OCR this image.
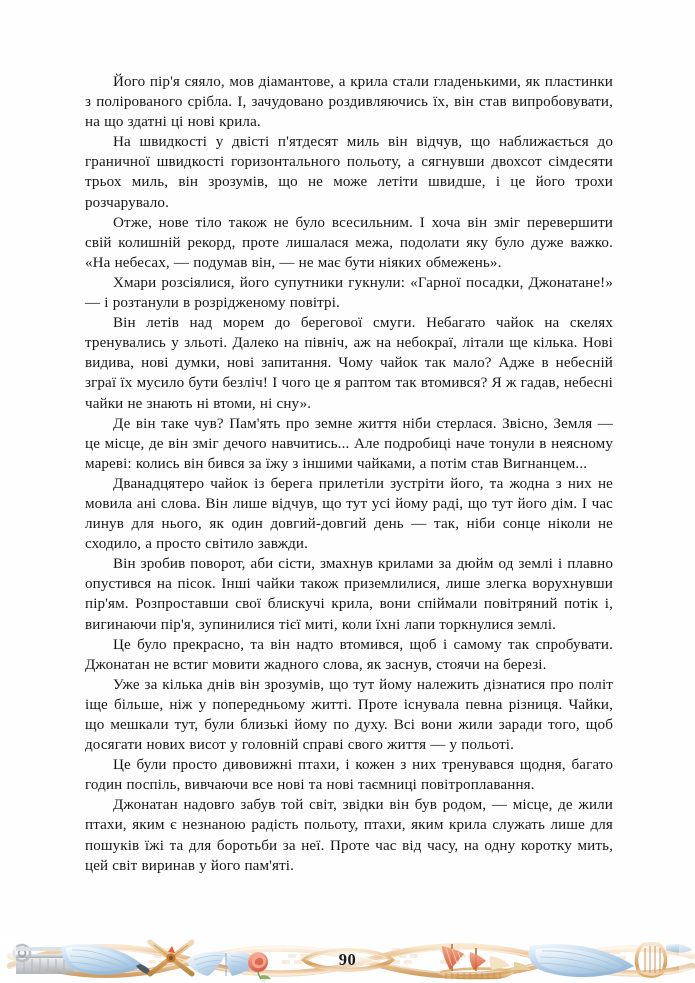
Його пір'я сяяло, мов діамантове, а крила стали гладенькими, як пластинки з полірованого срібла. І, зачудовано роздивляючись їх, він став випробовувати, на що здатні ці нові крила.

На швидкості у двісті п'ятдесят миль він відчув, що наближається до граничної швидкості горизонтального польоту, а сягнувши двохсот сімдесяти трьох миль, він зрозумів, що не може летіти швидше, і це його трохи розчарувало.

Отже, нове тіло також не було всесильним. І хоча він зміг перевершити свій колишній рекорд, проте лишалася межа, подолати яку було дуже важко. «На небесах, — подумав він, — не має бути ніяких обмежень».

Хмари розсіялися, його супутники гукнули: «Гарної посадки, Джонатане!» — і розтанули в розрідженому повітрі.

Він летів над морем до берегової смуги. Небагато чайок на скелях тренувались у зльоті. Далеко на північ, аж на небокраї, літали ще кілька. Нові видива, нові думки, нові запитання. Чому чайок так мало? Адже в небесній зграї їх мусило бути безліч! І чого це я раптом так втомився? Я ж гадав, небесні чайки не знають ні втоми, ні сну».

Де він таке чув? Пам'ять про земне життя ніби стерлася. Звісно, Земля — це місце, де він зміг дечого навчитись... Але подробиці наче тонули в неясному мареві: колись він бився за їжу з іншими чайками, а потім став Вигнанцем...

Дванадцятеро чайок із берега прилетіли зустріти його, та жодна з них не мовила ані слова. Він лише відчув, що тут усі йому раді, що тут його дім. І час линув для нього, як один довгий-довгий день — так, ніби сонце ніколи не сходило, а просто світило завжди.

Він зробив поворот, аби сісти, змахнув крилами за дюйм од землі і плавно опустився на пісок. Інші чайки також приземлилися, лише злегка ворухнувши пір'ям. Розпроставши свої блискучі крила, вони спіймали повітряний потік і, вигинаючи пір'я, зупинилися тієї миті, коли їхні лапи торкнулися землі.

Це було прекрасно, та він надто втомився, щоб і самому так спробувати. Джонатан не встиг мовити жадного слова, як заснув, стоячи на березі.

Уже за кілька днів він зрозумів, що тут йому належить дізнатися про політ іще більше, ніж у попередньому житті. Проте існувала певна різниця. Чайки, що мешкали тут, були близькі йому по духу. Всі вони жили заради того, щоб досягати нових висот у головній справі свого життя — у польоті.

Це були просто дивовижні птахи, і кожен з них тренувався щодня, багато годин поспіль, вивчаючи все нові та нові таємниці повітроплавання.

Джонатан надовго забув той світ, звідки він був родом, — місце, де жили птахи, яким є незнаною радість польоту, птахи, яким крила служать лише для пошуків їжі та для боротьби за неї. Проте час від часу, на одну коротку мить, цей світ виринав у його пам'яті.

90
